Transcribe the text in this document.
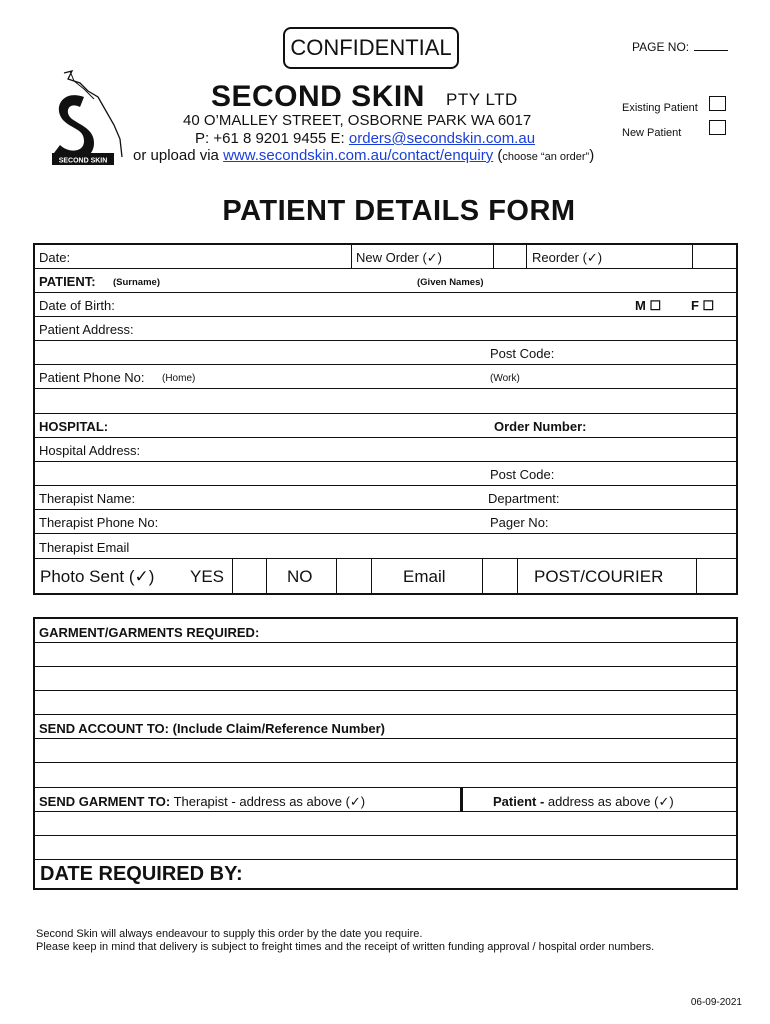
CONFIDENTIAL	PAGE NO:
SECOND SKIN
SECOND SKIN PTY LTD
40 O’MALLEY STREET, OSBORNE PARK WA 6017
P: +61 8 9201 9455 E: orders@secondskin.com.au
or upload via www.secondskin.com.au/contact/enquiry (choose “an order”)
Existing Patient
New Patient
PATIENT DETAILS FORM
Date:	New Order (✓)	Reorder (✓)
PATIENT: (Surname)	(Given Names)
Date of Birth:	M ☐ F ☐
Patient Address:
Post Code:
Patient Phone No: (Home)	(Work)
HOSPITAL:	Order Number:
Hospital Address:
Post Code:
Therapist Name:	Department:
Therapist Phone No:	Pager No:
Therapist Email
Photo Sent (✓) YES	NO	Email	POST/COURIER
GARMENT/GARMENTS REQUIRED:
SEND ACCOUNT TO: (Include Claim/Reference Number)
SEND GARMENT TO: Therapist - address as above (✓)	Patient - address as above (✓)
DATE REQUIRED BY:
Second Skin will always endeavour to supply this order by the date you require.
Please keep in mind that delivery is subject to freight times and the receipt of written funding approval / hospital order numbers.
06-09-2021
